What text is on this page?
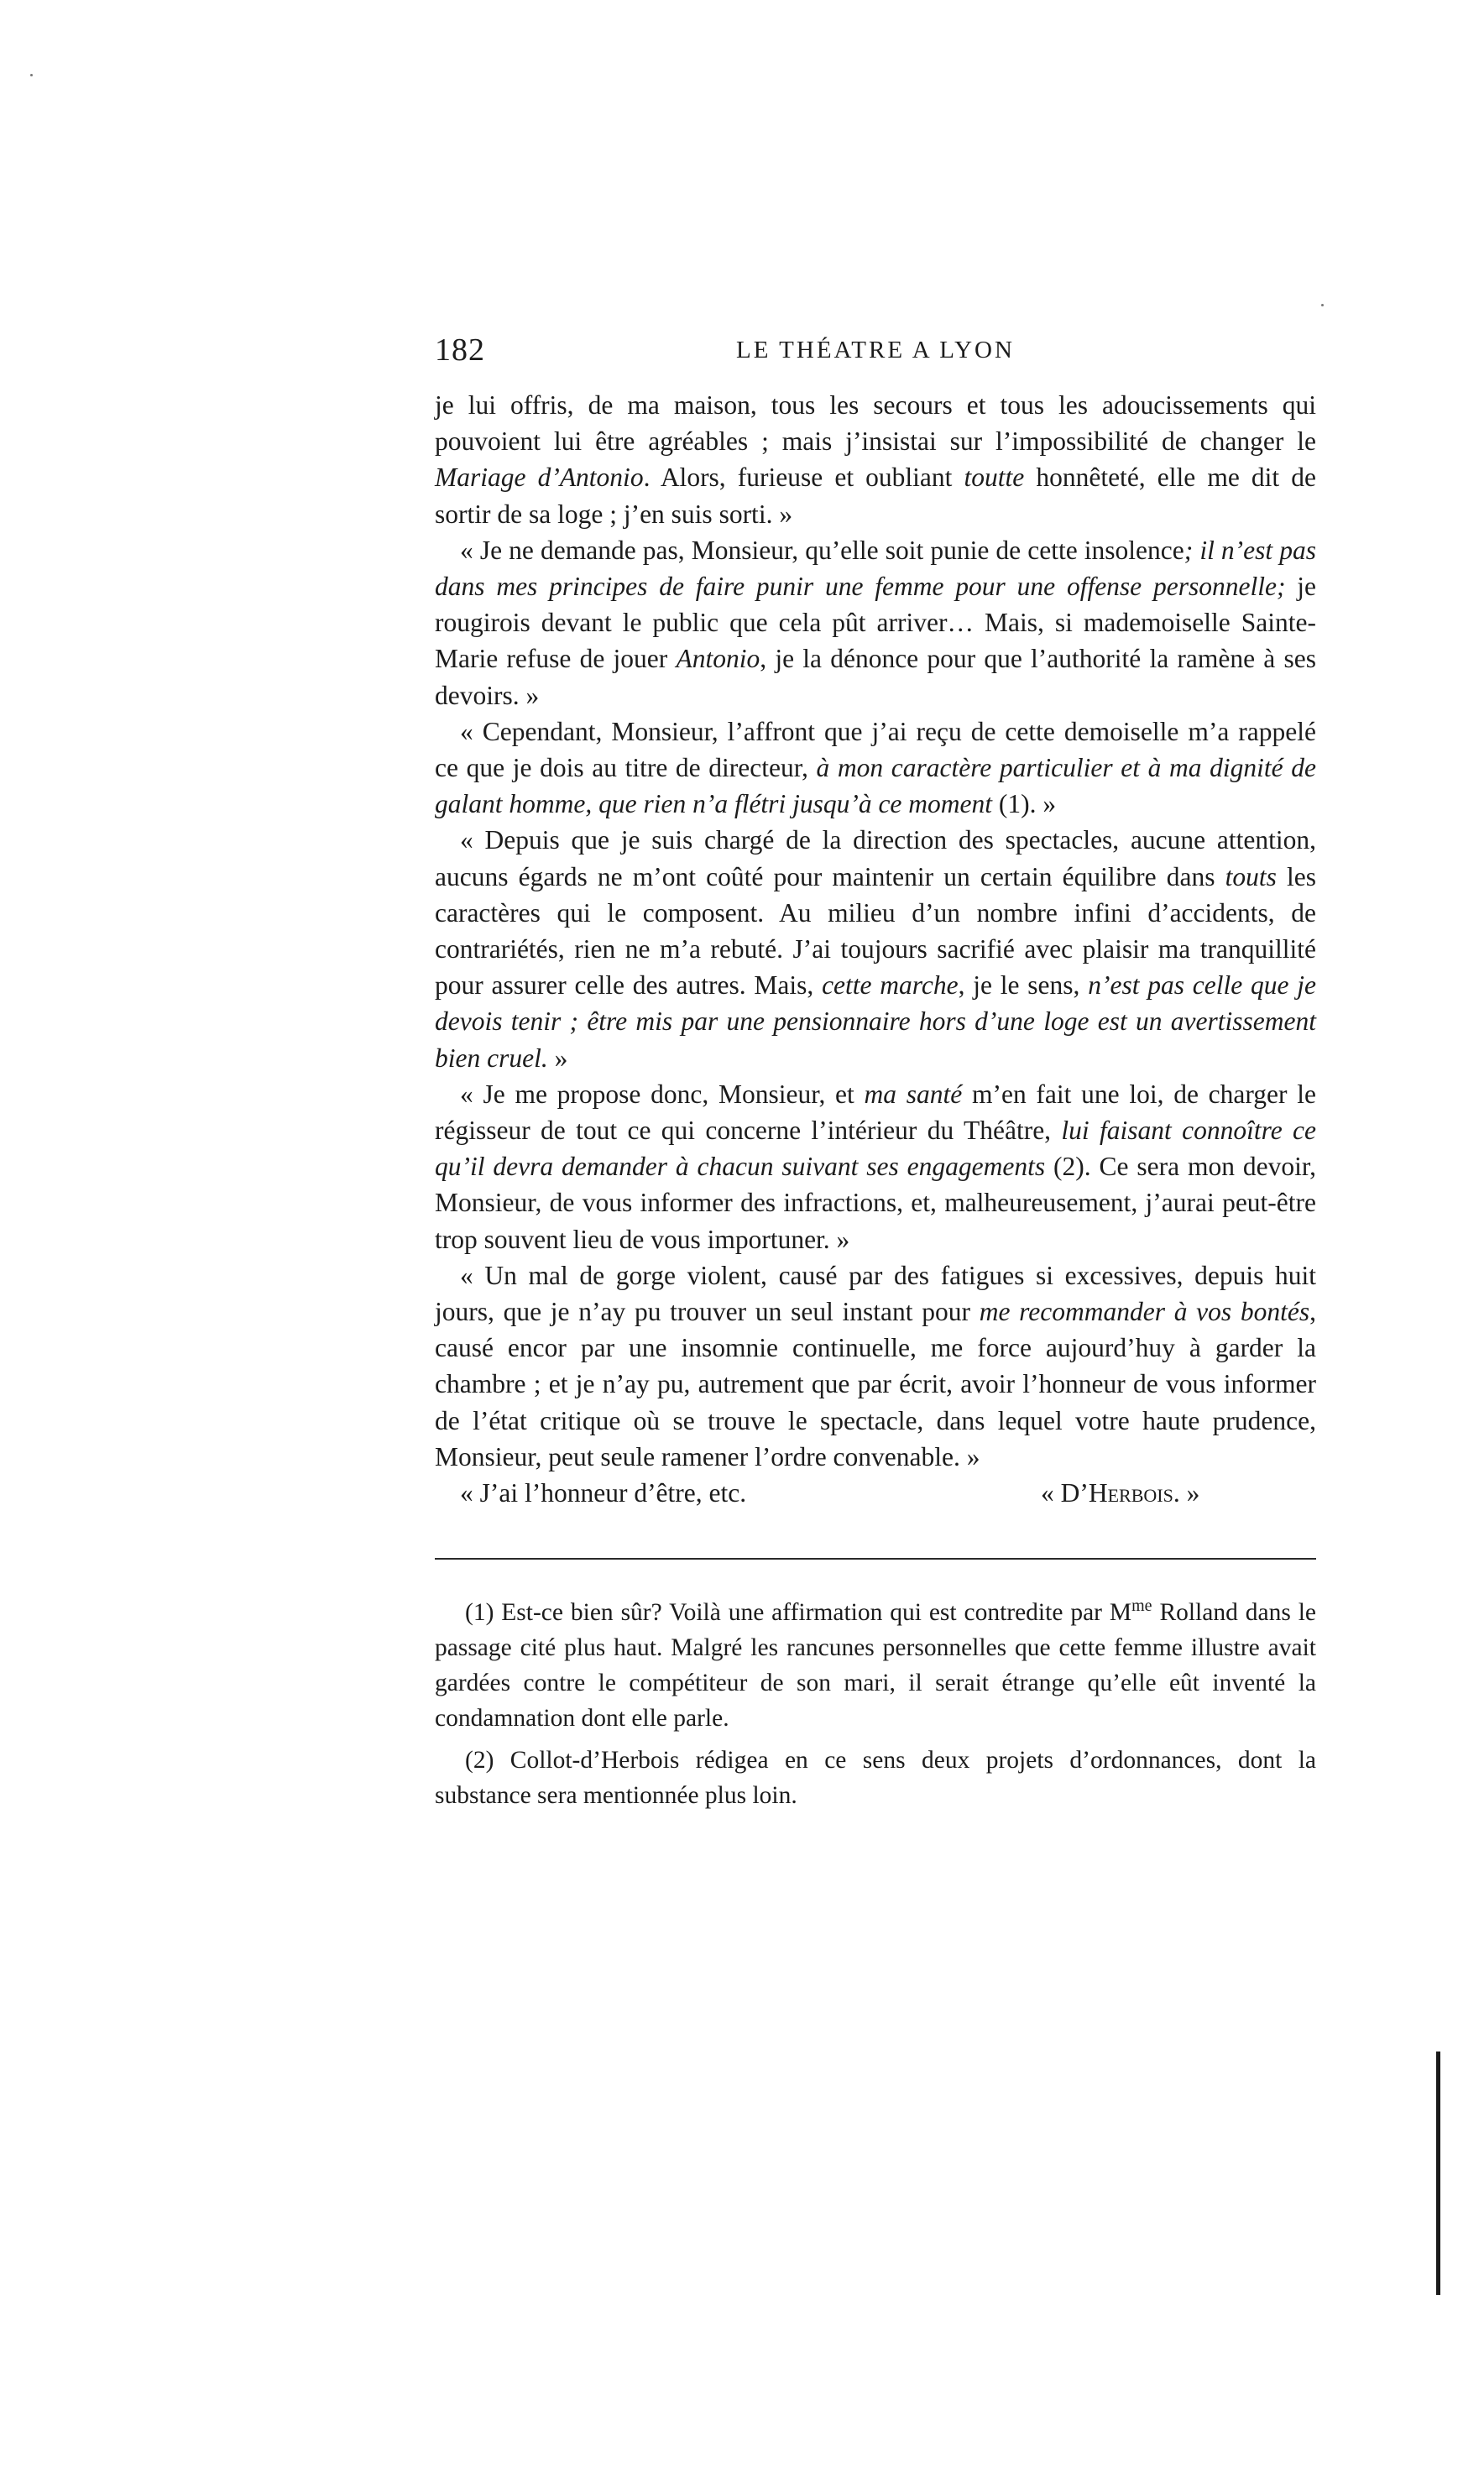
182	LE THÉATRE A LYON

je lui offris, de ma maison, tous les secours et tous les adoucissements qui pouvoient lui être agréables ; mais j’insistai sur l’impossibilité de changer le Mariage d’Antonio. Alors, furieuse et oubliant toutte honnêteté, elle me dit de sortir de sa loge ; j’en suis sorti. »

« Je ne demande pas, Monsieur, qu’elle soit punie de cette insolence; il n’est pas dans mes principes de faire punir une femme pour une offense personnelle; je rougirois devant le public que cela pût arriver… Mais, si mademoiselle Sainte-Marie refuse de jouer Antonio, je la dénonce pour que l’authorité la ramène à ses devoirs. »

« Cependant, Monsieur, l’affront que j’ai reçu de cette demoiselle m’a rappelé ce que je dois au titre de directeur, à mon caractère particulier et à ma dignité de galant homme, que rien n’a flétri jusqu’à ce moment (1). »

« Depuis que je suis chargé de la direction des spectacles, aucune attention, aucuns égards ne m’ont coûté pour maintenir un certain équilibre dans touts les caractères qui le composent. Au milieu d’un nombre infini d’accidents, de contrariétés, rien ne m’a rebuté. J’ai toujours sacrifié avec plaisir ma tranquillité pour assurer celle des autres. Mais, cette marche, je le sens, n’est pas celle que je devois tenir ; être mis par une pensionnaire hors d’une loge est un avertissement bien cruel. »

« Je me propose donc, Monsieur, et ma santé m’en fait une loi, de charger le régisseur de tout ce qui concerne l’intérieur du Théâtre, lui faisant connoître ce qu’il devra demander à chacun suivant ses engagements (2). Ce sera mon devoir, Monsieur, de vous informer des infractions, et, malheureusement, j’aurai peut-être trop souvent lieu de vous importuner. »

« Un mal de gorge violent, causé par des fatigues si excessives, depuis huit jours, que je n’ay pu trouver un seul instant pour me recommander à vos bontés, causé encor par une insomnie continuelle, me force aujourd’huy à garder la chambre ; et je n’ay pu, autrement que par écrit, avoir l’honneur de vous informer de l’état critique où se trouve le spectacle, dans lequel votre haute prudence, Monsieur, peut seule ramener l’ordre convenable. »

« J’ai l’honneur d’être, etc.	« D’Herbois. »

(1) Est-ce bien sûr? Voilà une affirmation qui est contredite par $M^{me}$ Rolland dans le passage cité plus haut. Malgré les rancunes personnelles que cette femme illustre avait gardées contre le compétiteur de son mari, il serait étrange qu’elle eût inventé la condamnation dont elle parle.

(2) Collot-d’Herbois rédigea en ce sens deux projets d’ordonnances, dont la substance sera mentionnée plus loin.
